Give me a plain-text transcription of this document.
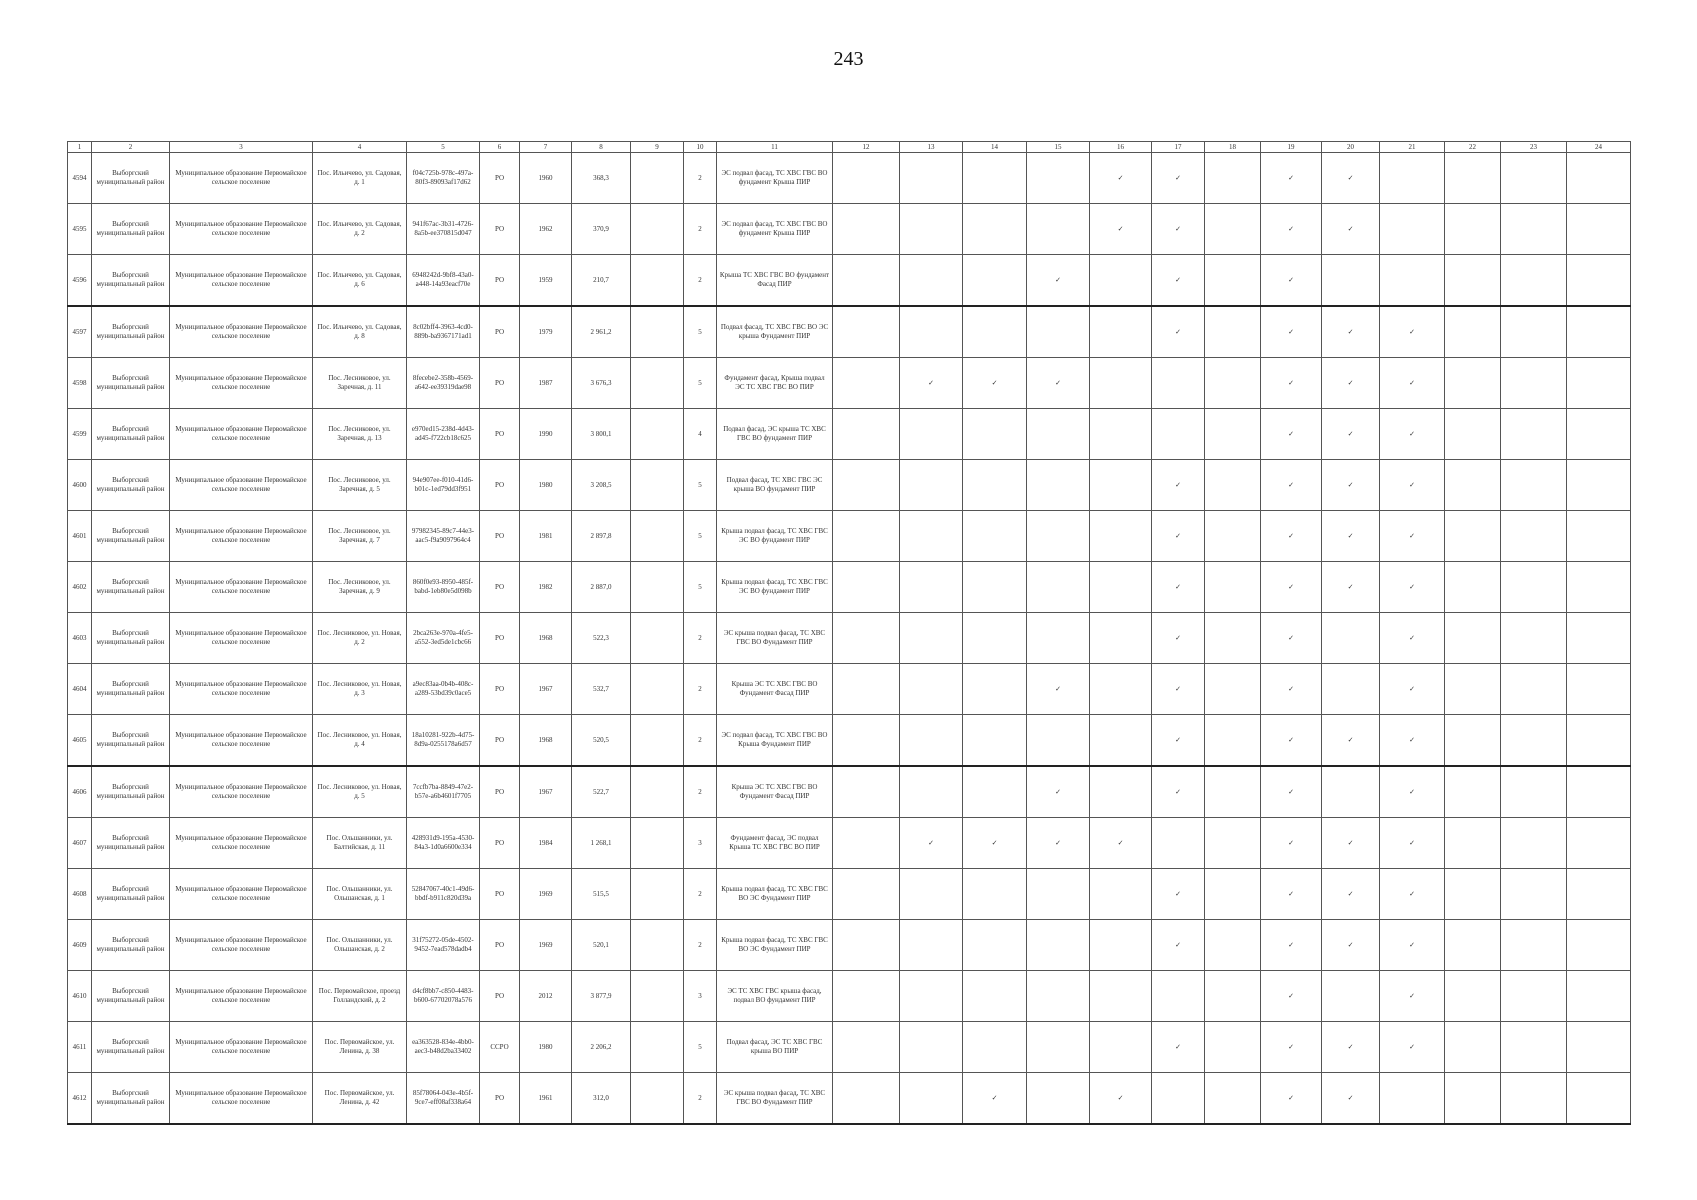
243
1	2	3	4	5	6	7	8	9	10	11	12	13	14	15	16	17	18	19	20	21	22	23	24
4594	Выборгский муниципальный район	Муниципальное образование Первомайское сельское поселение	Пос. Ильичево, ул. Садовая, д. 1	f04c725b-978c-497a-80f3-89093af17d62	РО	1960	368,3		2	ЭС подвал фасад, ТС ХВС ГВС ВО фундамент Крыша ПИР					✓	✓		✓	✓				
4595	Выборгский муниципальный район	Муниципальное образование Первомайское сельское поселение	Пос. Ильичево, ул. Садовая, д. 2	941f67ac-3b31-4726-8a5b-ee370815d047	РО	1962	370,9		2	ЭС подвал фасад, ТС ХВС ГВС ВО фундамент Крыша ПИР					✓	✓		✓	✓				
4596	Выборгский муниципальный район	Муниципальное образование Первомайское сельское поселение	Пос. Ильичево, ул. Садовая, д. 6	6948242d-9bf8-43a0-a448-14a93eacf70e	РО	1959	210,7		2	Крыша ТС ХВС ГВС ВО фундамент Фасад ПИР				✓		✓		✓					
4597	Выборгский муниципальный район	Муниципальное образование Первомайское сельское поселение	Пос. Ильичево, ул. Садовая, д. 8	8c02bff4-3963-4cd0-889b-ba9367171ad1	РО	1979	2 961,2		5	Подвал фасад, ТС ХВС ГВС ВО ЭС крыша Фундамент ПИР						✓		✓	✓	✓			
4598	Выборгский муниципальный район	Муниципальное образование Первомайское сельское поселение	Пос. Лесниковое, ул. Заречная, д. 11	8fecebe2-358b-4569-a642-ee39319dae98	РО	1987	3 676,3		5	Фундамент фасад, Крыша подвал ЭС ТС ХВС ГВС ВО ПИР		✓	✓	✓				✓	✓	✓			
4599	Выборгский муниципальный район	Муниципальное образование Первомайское сельское поселение	Пос. Лесниковое, ул. Заречная, д. 13	e970ed15-238d-4d43-ad45-f722cb18c625	РО	1990	3 800,1		4	Подвал фасад, ЭС крыша ТС ХВС ГВС ВО фундамент ПИР								✓	✓	✓			
4600	Выборгский муниципальный район	Муниципальное образование Первомайское сельское поселение	Пос. Лесниковое, ул. Заречная, д. 5	94e907ee-f010-41d6-b01c-1ed79dd3f951	РО	1980	3 208,5		5	Подвал фасад, ТС ХВС ГВС ЭС крыша ВО фундамент ПИР						✓		✓	✓	✓			
4601	Выборгский муниципальный район	Муниципальное образование Первомайское сельское поселение	Пос. Лесниковое, ул. Заречная, д. 7	97982345-89c7-44e3-aac5-f9a9097964c4	РО	1981	2 897,8		5	Крыша подвал фасад, ТС ХВС ГВС ЭС ВО фундамент ПИР						✓		✓	✓	✓			
4602	Выборгский муниципальный район	Муниципальное образование Первомайское сельское поселение	Пос. Лесниковое, ул. Заречная, д. 9	860f0e93-8950-485f-babd-1eb80e5d098b	РО	1982	2 887,0		5	Крыша подвал фасад, ТС ХВС ГВС ЭС ВО фундамент ПИР						✓		✓	✓	✓			
4603	Выборгский муниципальный район	Муниципальное образование Первомайское сельское поселение	Пос. Лесниковое, ул. Новая, д. 2	2bca263e-970a-4fe5-a552-3ed5de1cbc66	РО	1968	522,3		2	ЭС крыша подвал фасад, ТС ХВС ГВС ВО Фундамент ПИР						✓		✓		✓			
4604	Выборгский муниципальный район	Муниципальное образование Первомайское сельское поселение	Пос. Лесниковое, ул. Новая, д. 3	a9ec83aa-0b4b-408c-a289-53bd39c0ace5	РО	1967	532,7		2	Крыша ЭС ТС ХВС ГВС ВО Фундамент Фасад ПИР				✓		✓		✓		✓			
4605	Выборгский муниципальный район	Муниципальное образование Первомайское сельское поселение	Пос. Лесниковое, ул. Новая, д. 4	18a10281-922b-4d75-8d9a-0255178a6d57	РО	1968	520,5		2	ЭС подвал фасад, ТС ХВС ГВС ВО Крыша Фундамент ПИР						✓		✓	✓	✓			
4606	Выборгский муниципальный район	Муниципальное образование Первомайское сельское поселение	Пос. Лесниковое, ул. Новая, д. 5	7ccfb7ba-8849-47e2-b57e-a6b4601f7705	РО	1967	522,7		2	Крыша ЭС ТС ХВС ГВС ВО Фундамент Фасад ПИР				✓		✓		✓		✓			
4607	Выборгский муниципальный район	Муниципальное образование Первомайское сельское поселение	Пос. Ольшанники, ул. Балтийская, д. 11	428931d9-195a-4530-84a3-1d0a6600e334	РО	1984	1 268,1		3	Фундамент фасад, ЭС подвал Крыша ТС ХВС ГВС ВО ПИР		✓	✓	✓	✓			✓	✓	✓			
4608	Выборгский муниципальный район	Муниципальное образование Первомайское сельское поселение	Пос. Ольшанники, ул. Ольшанская, д. 1	52847067-40c1-49d6-bbdf-b911c820d39a	РО	1969	515,5		2	Крыша подвал фасад, ТС ХВС ГВС ВО ЭС Фундамент ПИР						✓		✓	✓	✓			
4609	Выборгский муниципальный район	Муниципальное образование Первомайское сельское поселение	Пос. Ольшанники, ул. Ольшанская, д. 2	31f75272-05de-4502-9452-7ead578dadb4	РО	1969	520,1		2	Крыша подвал фасад, ТС ХВС ГВС ВО ЭС Фундамент ПИР						✓		✓	✓	✓			
4610	Выборгский муниципальный район	Муниципальное образование Первомайское сельское поселение	Пос. Первомайское, проезд Голландский, д. 2	d4cf8bb7-c850-4483-b600-67702078a576	РО	2012	3 877,9		3	ЭС ТС ХВС ГВС крыша фасад, подвал ВО фундамент ПИР								✓		✓			
4611	Выборгский муниципальный район	Муниципальное образование Первомайское сельское поселение	Пос. Первомайское, ул. Ленина, д. 38	ea363528-834e-4bb0-aec3-b48d2ba33402	ССРО	1980	2 206,2		5	Подвал фасад, ЭС ТС ХВС ГВС крыша ВО ПИР						✓		✓	✓	✓			
4612	Выборгский муниципальный район	Муниципальное образование Первомайское сельское поселение	Пос. Первомайское, ул. Ленина, д. 42	85f78064-043e-4b5f-9ce7-eff08af338a64	РО	1961	312,0		2	ЭС крыша подвал фасад, ТС ХВС ГВС ВО Фундамент ПИР			✓		✓			✓	✓				
